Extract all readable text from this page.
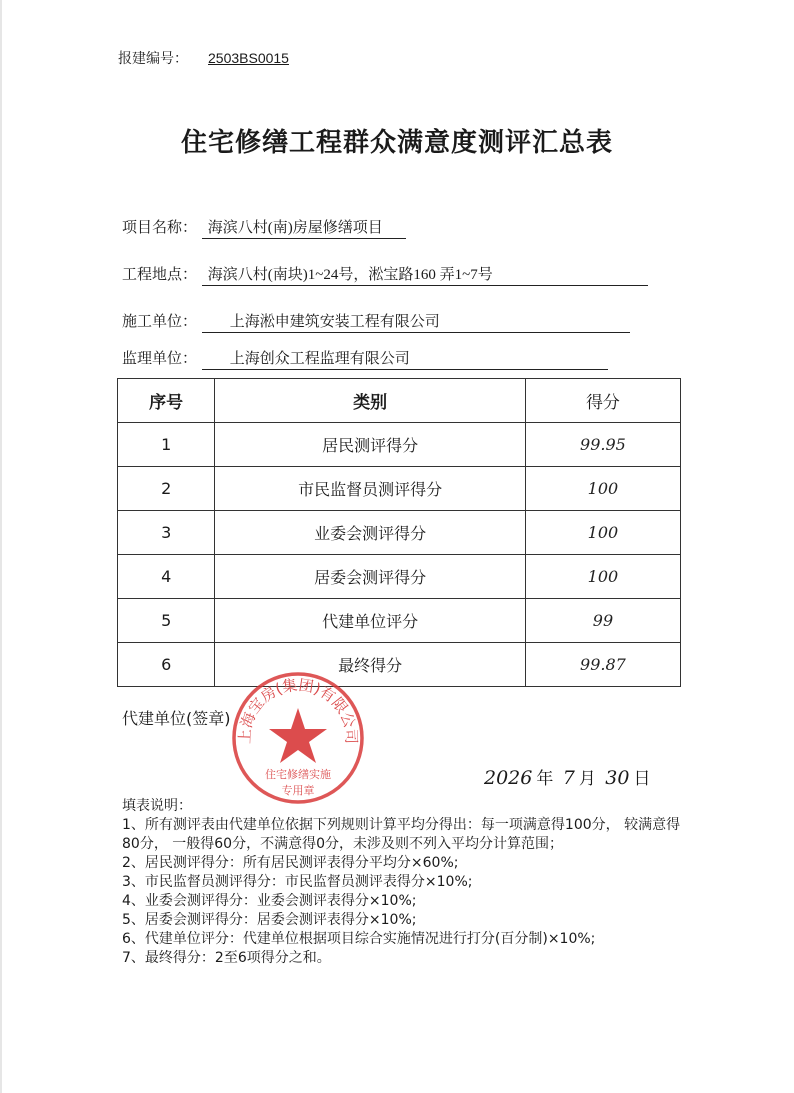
报建编号： 2503BS0015
住宅修缮工程群众满意度测评汇总表
项目名称： 海滨八村(南)房屋修缮项目
工程地点： 海滨八村(南块)1~24号，淞宝路160 弄1~7号
施工单位： 上海淞申建筑安装工程有限公司
监理单位： 上海创众工程监理有限公司
序号	类别	得分
1	居民测评得分	99.95
2	市民监督员测评得分	100
3	业委会测评得分	100
4	居委会测评得分	100
5	代建单位评分	99
6	最终得分	99.87
代建单位(签章)
上海宝房(集团)有限公司
住宅修缮实施
专用章
2026 年 7 月 30 日
填表说明：
1、所有测评表由代建单位依据下列规则计算平均分得出：每一项满意得100分， 较满意得80分， 一般得60分，不满意得0分，未涉及则不列入平均分计算范围；
2、居民测评得分：所有居民测评表得分平均分×60%;
3、市民监督员测评得分：市民监督员测评表得分×10%;
4、业委会测评得分：业委会测评表得分×10%;
5、居委会测评得分：居委会测评表得分×10%;
6、代建单位评分：代建单位根据项目综合实施情况进行打分(百分制)×10%;
7、最终得分：2至6项得分之和。
